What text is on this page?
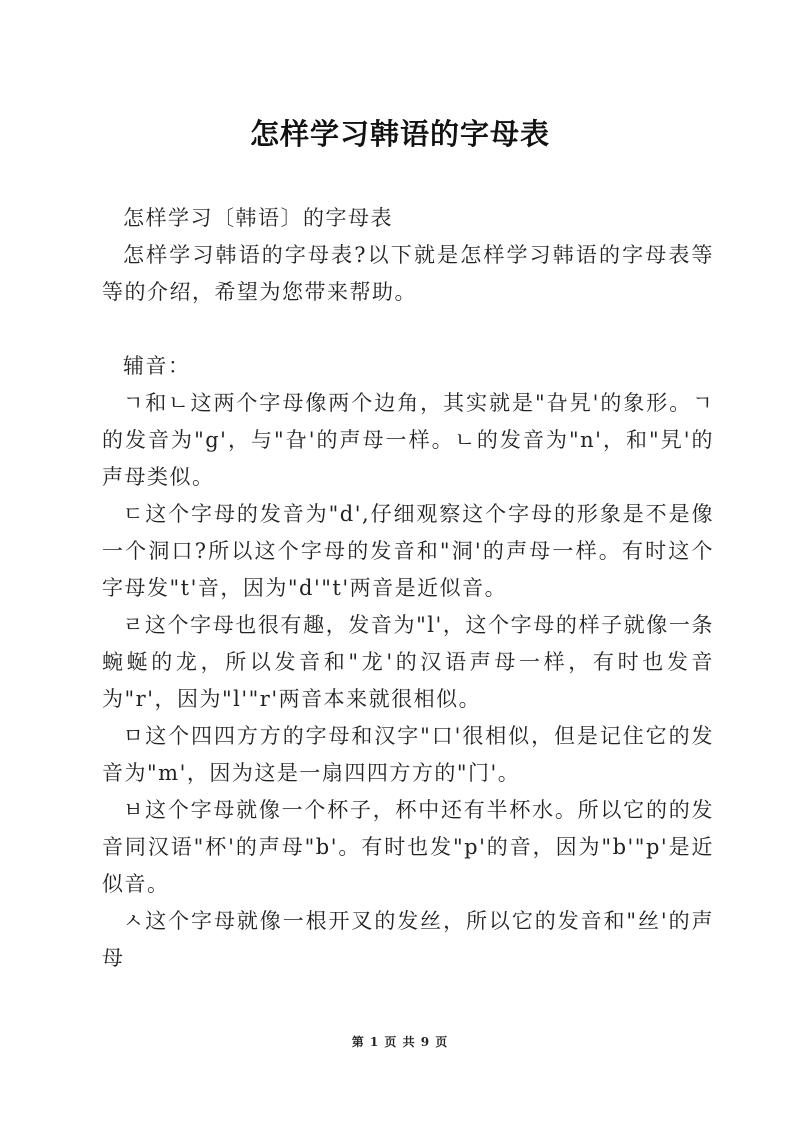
怎样学习韩语的字母表

怎样学习〔韩语〕的字母表

怎样学习韩语的字母表?以下就是怎样学习韩语的字母表等等的介绍，希望为您带来帮助。

辅音：

ㄱ和ㄴ这两个字母像两个边角，其实就是"旮旯'的象形。ㄱ的发音为"g'，与"旮'的声母一样。ㄴ的发音为"n'，和"旯'的声母类似。

ㄷ这个字母的发音为"d',仔细观察这个字母的形象是不是像一个洞口?所以这个字母的发音和"洞'的声母一样。有时这个字母发"t'音，因为"d'"t'两音是近似音。

ㄹ这个字母也很有趣，发音为"l'，这个字母的样子就像一条蜿蜒的龙，所以发音和"龙'的汉语声母一样，有时也发音为"r'，因为"l'"r'两音本来就很相似。

ㅁ这个四四方方的字母和汉字"口'很相似，但是记住它的发音为"m'，因为这是一扇四四方方的"门'。

ㅂ这个字母就像一个杯子，杯中还有半杯水。所以它的的发音同汉语"杯'的声母"b'。有时也发"p'的音，因为"b'"p'是近似音。

ㅅ这个字母就像一根开叉的发丝，所以它的发音和"丝'的声母

第 1 页 共 9 页
